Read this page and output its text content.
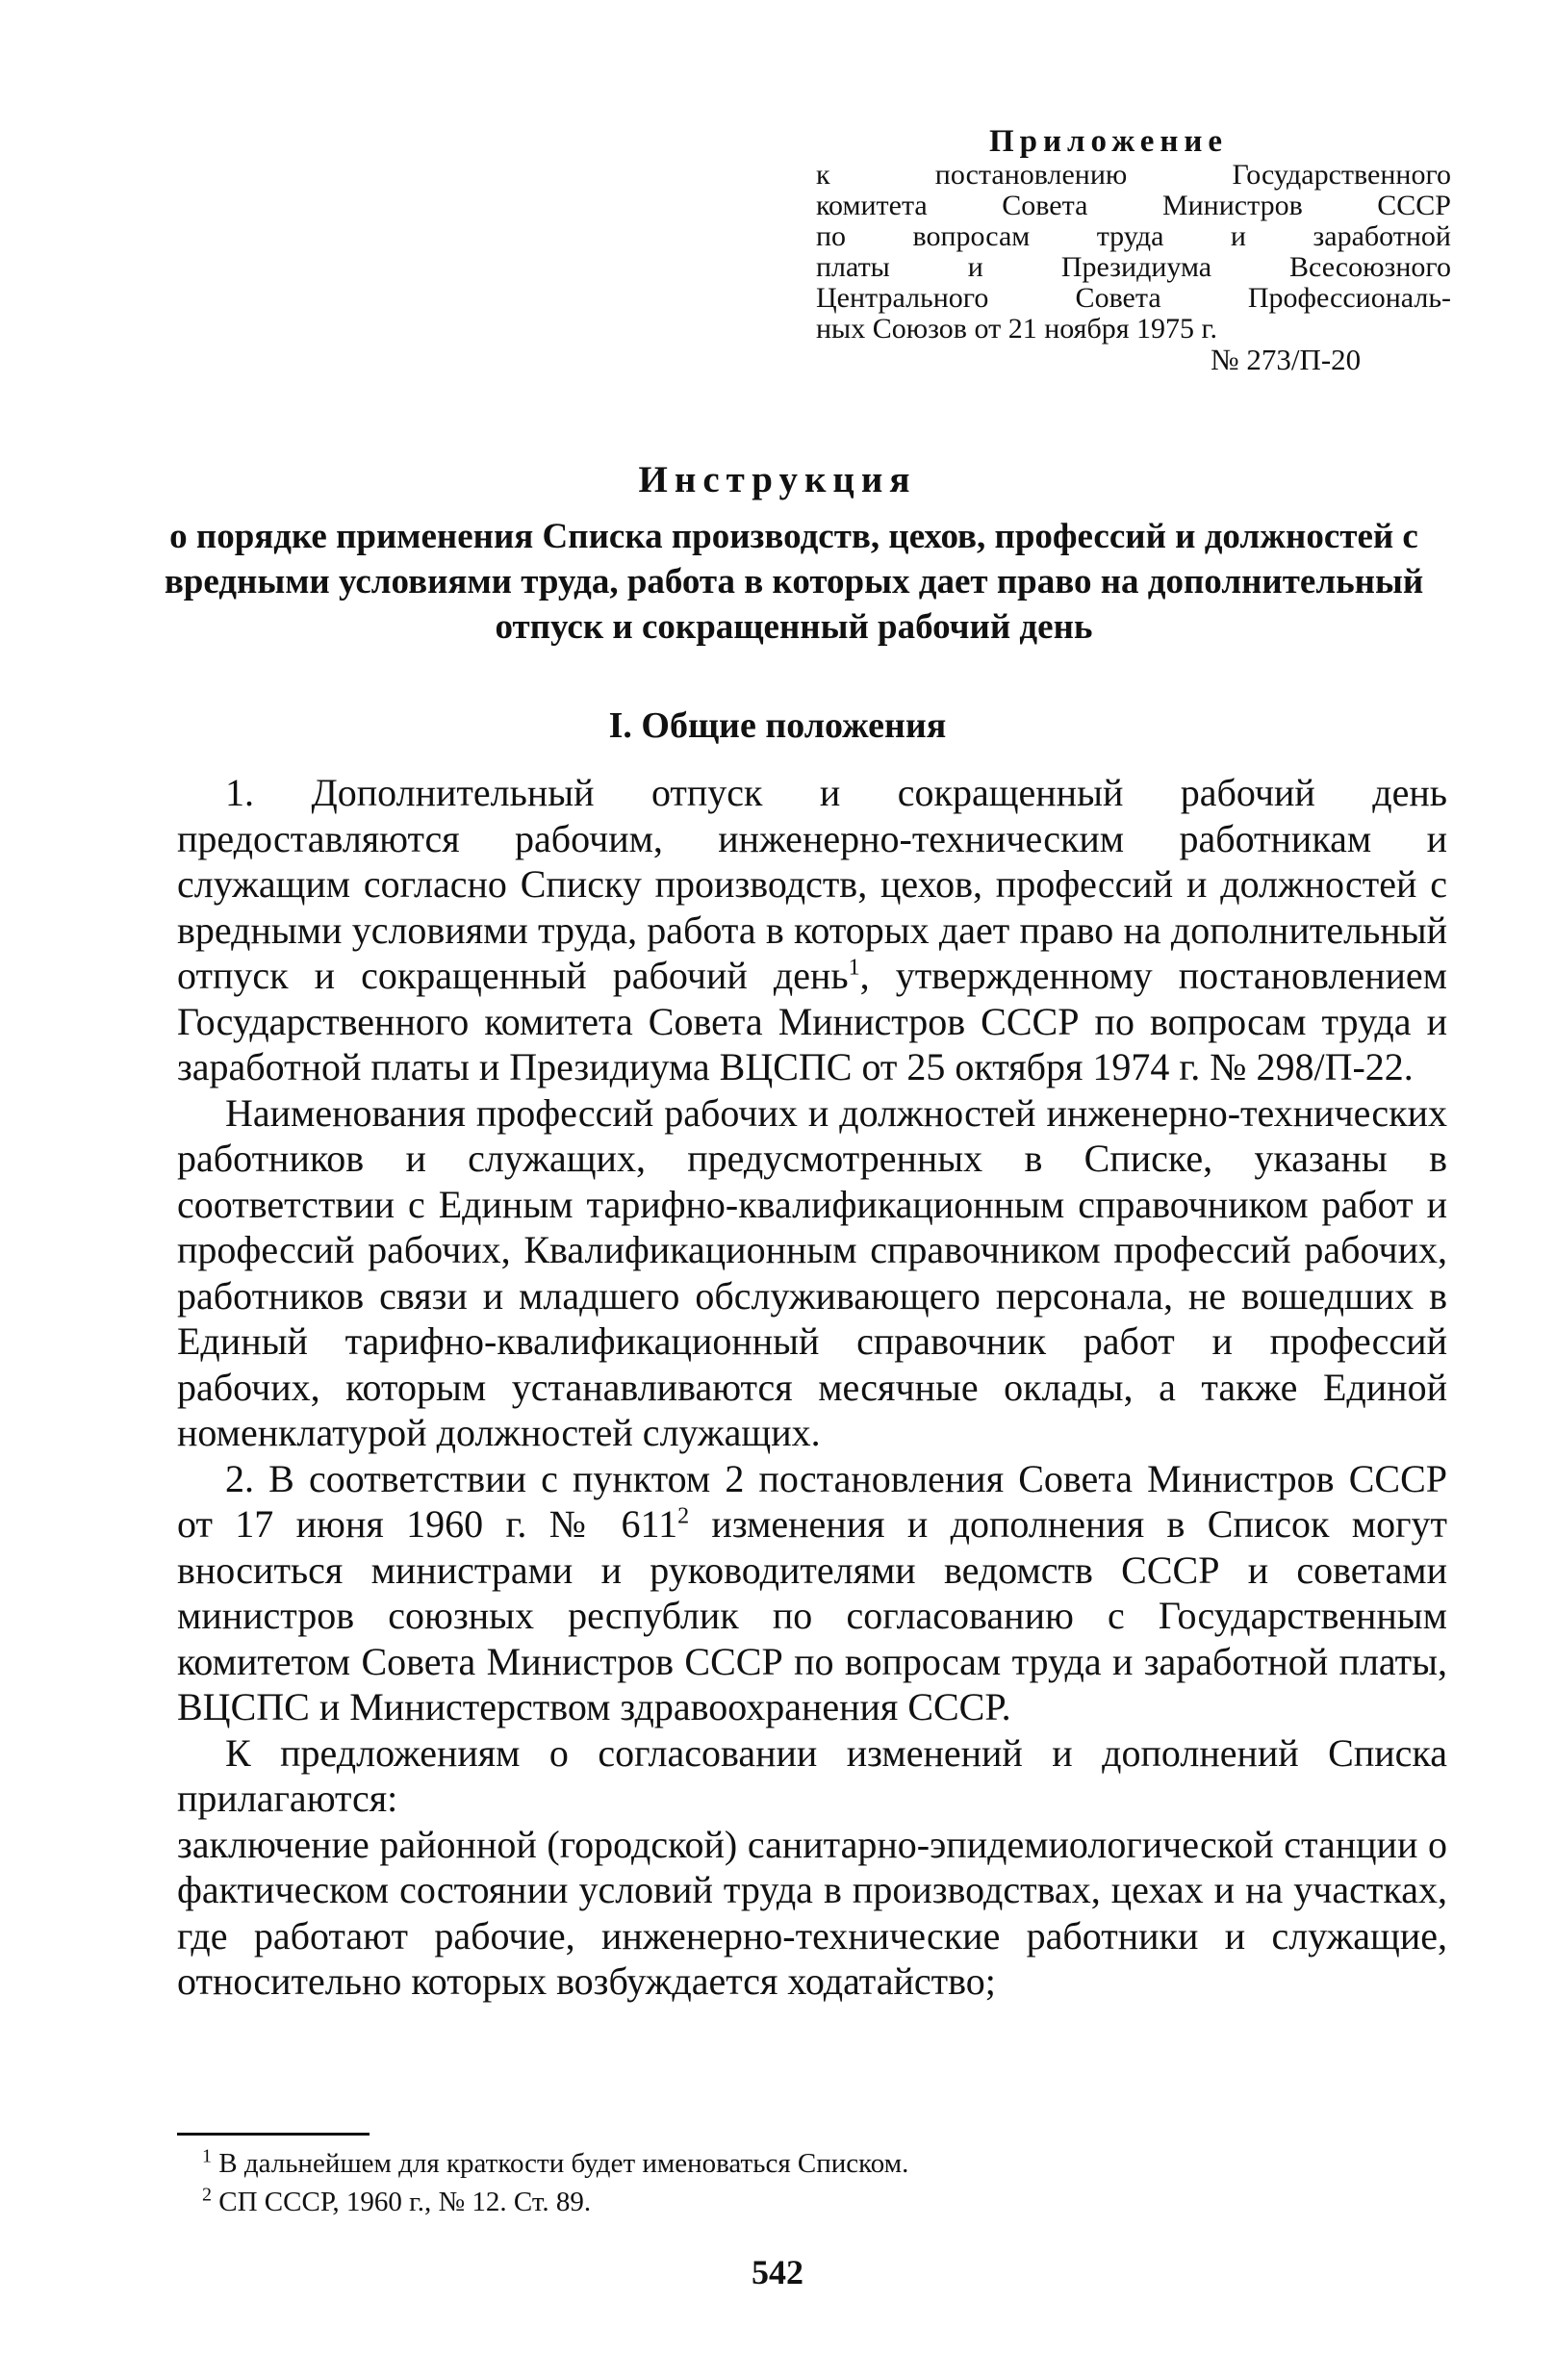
Приложение
к постановлению Государственного
комитета Совета Министров СССР
по вопросам труда и заработной
платы и Президиума Всесоюзного
Центрального Совета Профессиональ-
ных Союзов от 21 ноября 1975 г.
№ 273/П-20
Инструкция
о порядке применения Списка производств, цехов, профессий и должностей с вредными условиями труда, работа в которых дает право на дополнительный отпуск и сокращенный рабочий день
I. Общие положения

1. Дополнительный отпуск и сокращенный рабочий день предоставляются рабочим, инженерно-техническим работникам и служащим согласно Списку производств, цехов, профессий и должностей с вредными условиями труда, работа в которых дает право на дополнительный отпуск и сокращенный рабочий день$^1$, утвержденному постановлением Государственного комитета Совета Министров СССР по вопросам труда и заработной платы и Президиума ВЦСПС от 25 октября 1974 г. № 298/П-22.

Наименования профессий рабочих и должностей инженерно-технических работников и служащих, предусмотренных в Списке, указаны в соответствии с Единым тарифно-квалификационным справочником работ и профессий рабочих, Квалификационным справочником профессий рабочих, работников связи и младшего обслуживающего персонала, не вошедших в Единый тарифно-квалификационный справочник работ и профессий рабочих, которым устанавливаются месячные оклады, а также Единой номенклатурой должностей служащих.

2. В соответствии с пунктом 2 постановления Совета Министров СССР от 17 июня 1960 г. № $611^2$ изменения и дополнения в Список могут вноситься министрами и руководителями ведомств СССР и советами министров союзных республик по согласованию с Государственным комитетом Совета Министров СССР по вопросам труда и заработной платы, ВЦСПС и Министерством здравоохранения СССР.

К предложениям о согласовании изменений и дополнений Списка прилагаются:

заключение районной (городской) санитарно-эпидемиологической станции о фактическом состоянии условий труда в производствах, цехах и на участках, где работают рабочие, инженерно-технические работники и служащие, относительно которых возбуждается ходатайство;

$^1$ В дальнейшем для краткости будет именоваться Списком.
$^2$ СП СССР, 1960 г., № 12. Ст. 89.
542
